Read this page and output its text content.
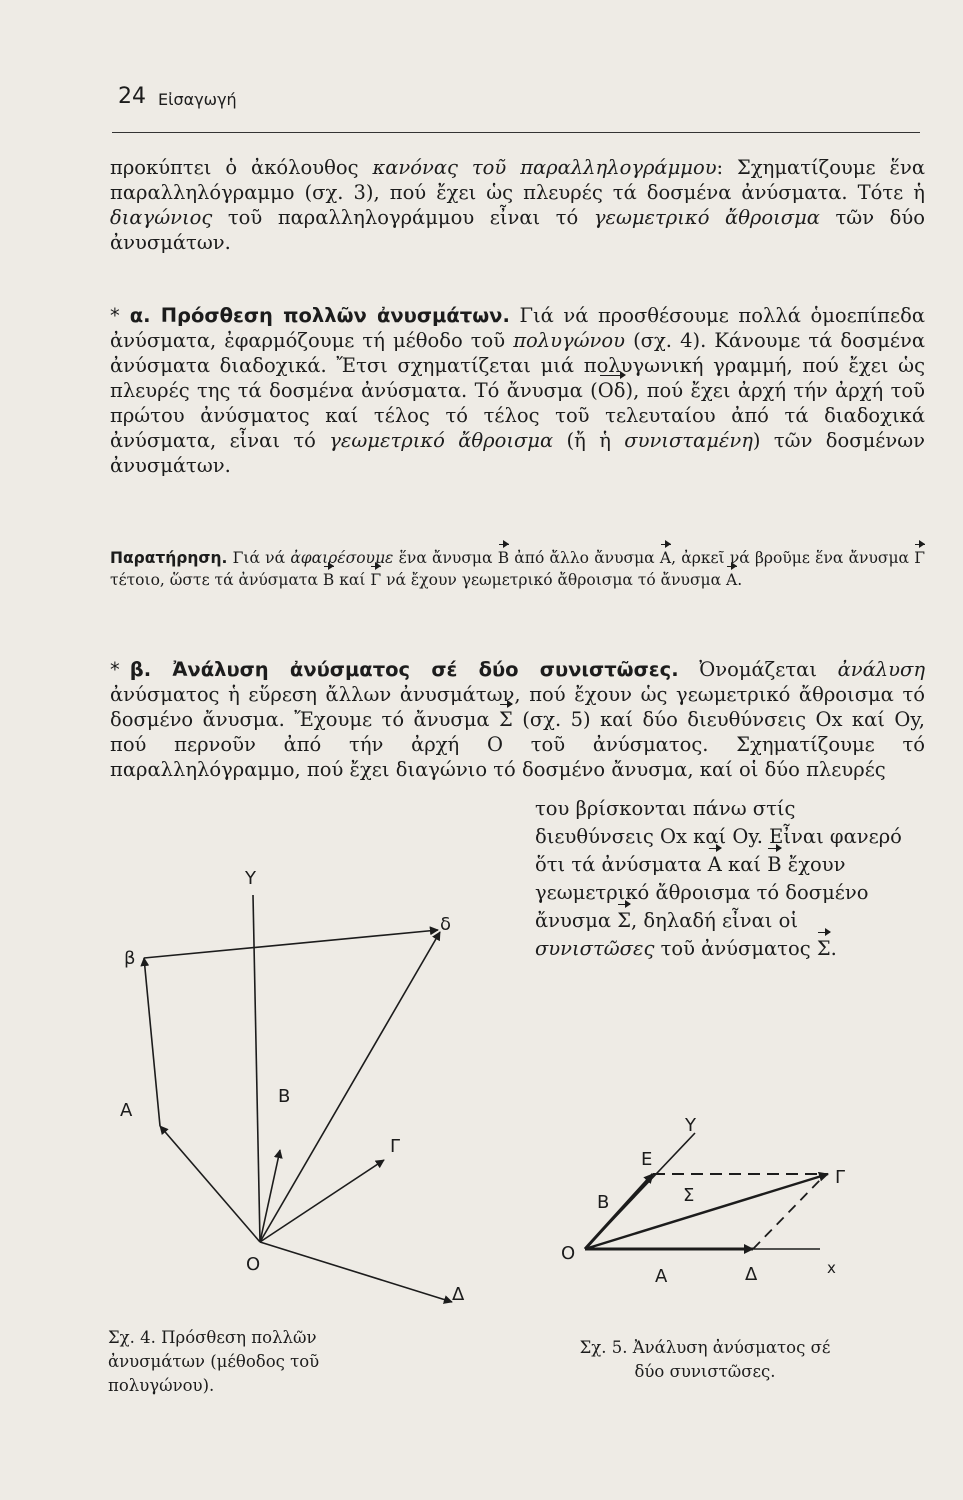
24 Εἰσαγωγή

προκύπτει ὁ ἀκόλουθος κανόνας τοῦ παραλληλογράμμου: Σχηματίζουμε ἕνα παραλληλόγραμμο (σχ. 3), πού ἔχει ὡς πλευρές τά δοσμένα ἀνύσματα. Τότε ἡ διαγώνιος τοῦ παραλληλογράμμου εἶναι τό γεωμετρικό ἄθροισμα τῶν δύο ἀνυσμάτων.

* α. Πρόσθεση πολλῶν ἀνυσμάτων. Γιά νά προσθέσουμε πολλά ὁμοεπίπεδα ἀνύσματα, ἐφαρμόζουμε τή μέθοδο τοῦ πολυγώνου (σχ. 4). Κάνουμε τά δοσμένα ἀνύσματα διαδοχικά. Ἔτσι σχηματίζεται μιά πολυγωνική γραμμή, πού ἔχει ὡς πλευρές της τά δοσμένα ἀνύσματα. Τό ἄνυσμα (Οδ), πού ἔχει ἀρχή τήν ἀρχή τοῦ πρώτου ἀνύσματος καί τέλος τό τέλος τοῦ τελευταίου ἀπό τά διαδοχικά ἀνύσματα, εἶναι τό γεωμετρικό ἄθροισμα (ἤ ἡ συνισταμένη) τῶν δοσμένων ἀνυσμάτων.

Παρατήρηση. Γιά νά ἀφαιρέσουμε ἕνα ἄνυσμα Β ἀπό ἄλλο ἄνυσμα Α, ἀρκεῖ νά βροῦμε ἕνα ἄνυσμα Γ τέτοιο, ὥστε τά ἀνύσματα Β καί Γ νά ἔχουν γεωμετρικό ἄθροισμα τό ἄνυσμα Α.

* β. Ἀνάλυση ἀνύσματος σέ δύο συνιστῶσες. Ὀνομάζεται ἀνάλυση ἀνύσματος ἡ εὕρεση ἄλλων ἀνυσμάτων, πού ἔχουν ὡς γεωμετρικό ἄθροισμα τό δοσμένο ἄνυσμα. Ἔχουμε τό ἄνυσμα Σ (σχ. 5) καί δύο διευθύνσεις Οx καί Οy, πού περνοῦν ἀπό τήν ἀρχή Ο τοῦ ἀνύσματος. Σχηματίζουμε τό παραλληλόγραμμο, πού ἔχει διαγώνιο τό δοσμένο ἄνυσμα, καί οἱ δύο πλευρές

του βρίσκονται πάνω στίς διευθύνσεις Οx καί Οy. Εἶναι φανερό ὅτι τά ἀνύσματα Α καί Β ἔχουν γεωμετρικό ἄθροισμα τό δοσμένο ἄνυσμα Σ, δηλαδή εἶναι οἱ συνιστῶσες τοῦ ἀνύσματος Σ.

Y
β
δ
A
B
Γ
O
Δ
Y
E
Γ
B	Σ
O
A	Δ	x

Σχ. 4. Πρόσθεση πολλῶν ἀνυσμάτων (μέθοδος τοῦ πολυγώνου).

Σχ. 5. Ἀνάλυση ἀνύσματος σέ δύο συνιστῶσες.
